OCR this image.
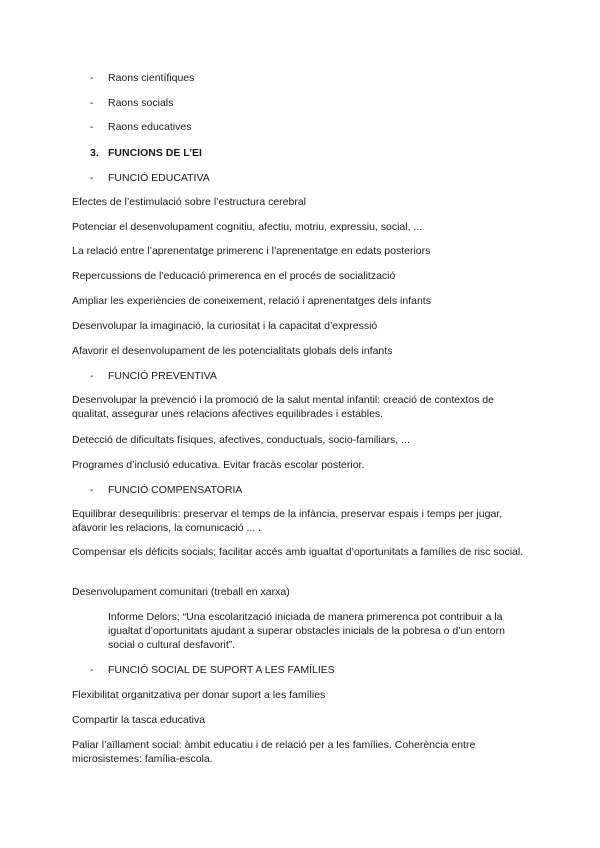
- Raons científiques
- Raons socials
- Raons educatives
3. FUNCIONS DE L’EI
- FUNCIÓ EDUCATIVA
Efectes de l’estimulació sobre l’estructura cerebral
Potenciar el desenvolupament cognitiu, afectiu, motriu, expressiu, social, ...
La relació entre l’aprenentatge primerenc i l’aprenentatge en edats posteriors
Repercussions de l’educació primerenca en el procés de socialització
Ampliar les experiències de coneixement, relació i aprenentatges dels infants
Desenvolupar la imaginació, la curiositat i la capacitat d’expressió
Afavorir el desenvolupament de les potencialitats globals dels infants
- FUNCIÓ PREVENTIVA
Desenvolupar la prevenció i la promoció de la salut mental infantil: creació de contextos de qualitat, assegurar unes relacions afectives equilibrades i estables.
Detecció de dificultats físiques, afectives, conductuals, socio-familiars, ...
Programes d’inclusió educativa. Evitar fracàs escolar posterior.
- FUNCIÓ COMPENSATORIA
Equilibrar desequilibris: preservar el temps de la infància, preservar espais i temps per jugar, afavorir les relacions, la comunicació ... .
Compensar els dèficits socials; facilitar accés amb igualtat d’oportunitats a famílies de risc social.
Desenvolupament comunitari (treball en xarxa)
Informe Delors: “Una escolarització iniciada de manera primerenca pot contribuir a la igualtat d’oportunitats ajudant a superar obstacles inicials de la pobresa o d’un entorn social o cultural desfavorit”.
- FUNCIÓ SOCIAL DE SUPORT A LES FAMÍLIES
Flexibilitat organitzativa per donar suport a les famílies
Compartir la tasca educativa
Paliar l’aïllament social: àmbit educatiu i de relació per a les famílies. Coherència entre microsistemes: família-escola.
